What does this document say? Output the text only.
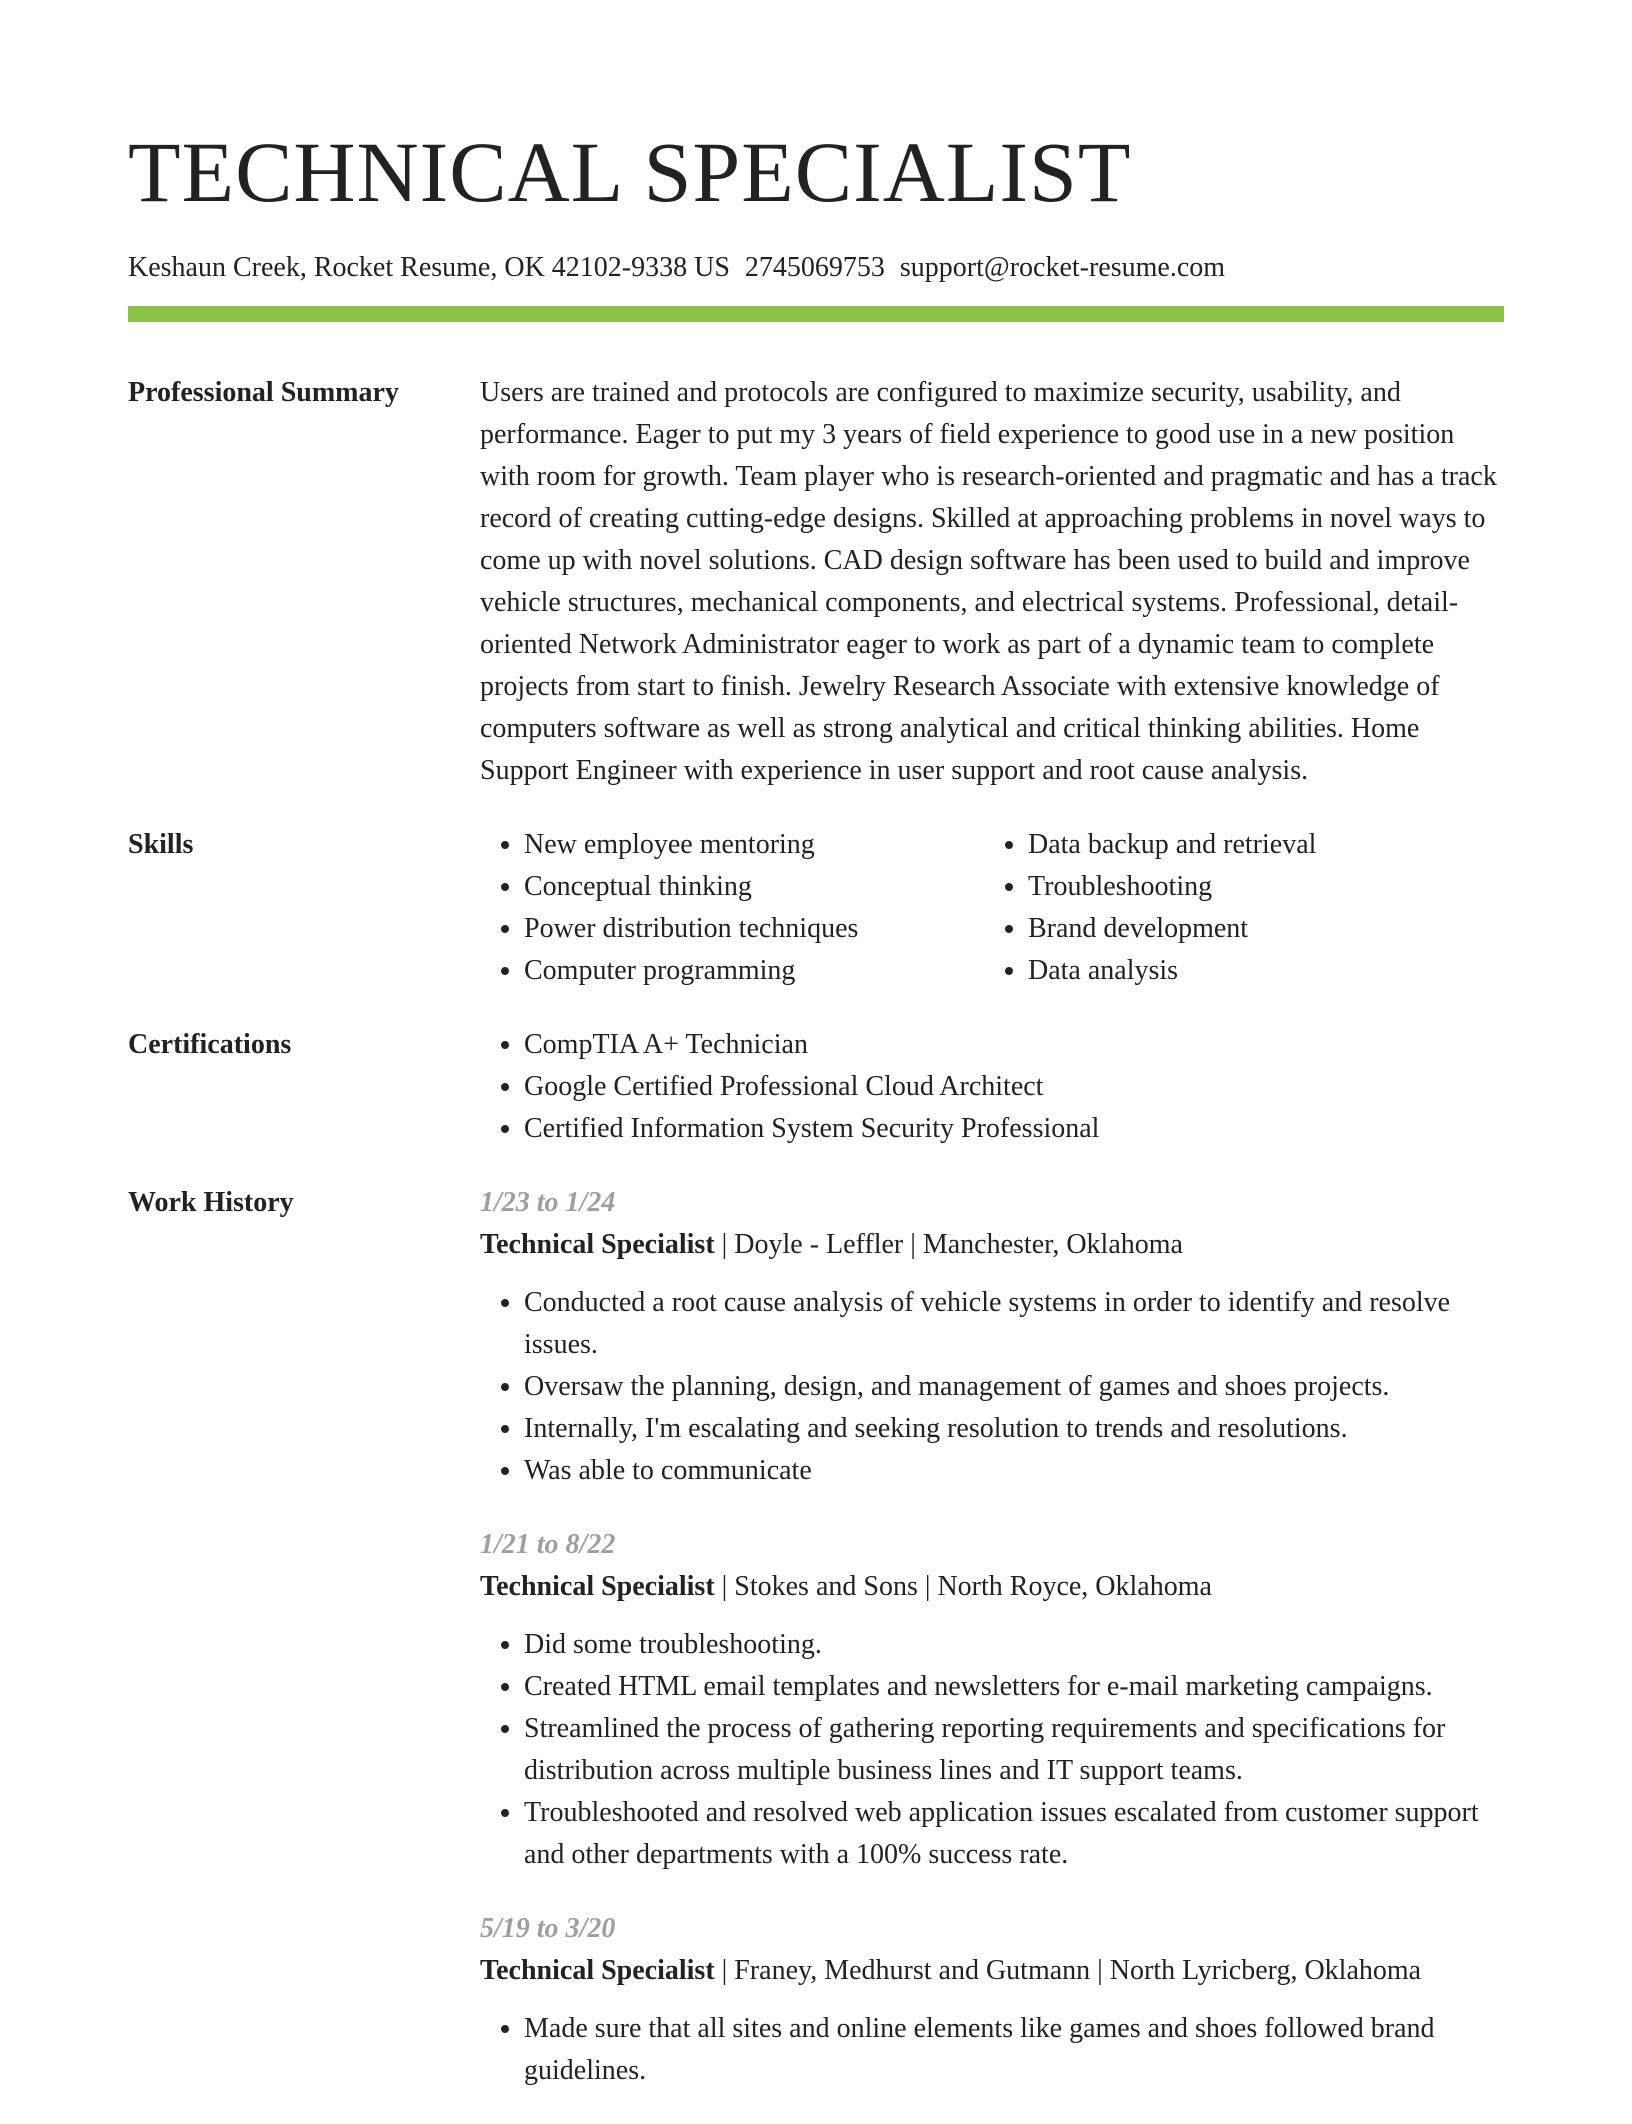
TECHNICAL SPECIALIST
Keshaun Creek, Rocket Resume, OK 42102-9338 US 2745069753 support@rocket-resume.com
Professional Summary	Users are trained and protocols are configured to maximize security, usability, and performance. Eager to put my 3 years of field experience to good use in a new position with room for growth. Team player who is research-oriented and pragmatic and has a track record of creating cutting-edge designs. Skilled at approaching problems in novel ways to come up with novel solutions. CAD design software has been used to build and improve vehicle structures, mechanical components, and electrical systems. Professional, detail-oriented Network Administrator eager to work as part of a dynamic team to complete projects from start to finish. Jewelry Research Associate with extensive knowledge of computers software as well as strong analytical and critical thinking abilities. Home Support Engineer with experience in user support and root cause analysis.

Skills	• New employee mentoring
• Conceptual thinking
• Power distribution techniques
• Computer programming
• Data backup and retrieval
• Troubleshooting
• Brand development
• Data analysis
Certifications	• CompTIA A+ Technician
• Google Certified Professional Cloud Architect
• Certified Information System Security Professional
Work History	1/23 to 1/24
Technical Specialist | Doyle - Leffler | Manchester, Oklahoma
• Conducted a root cause analysis of vehicle systems in order to identify and resolve issues.
• Oversaw the planning, design, and management of games and shoes projects.
• Internally, I'm escalating and seeking resolution to trends and resolutions.
• Was able to communicate
1/21 to 8/22
Technical Specialist | Stokes and Sons | North Royce, Oklahoma
• Did some troubleshooting.
• Created HTML email templates and newsletters for e-mail marketing campaigns.
• Streamlined the process of gathering reporting requirements and specifications for distribution across multiple business lines and IT support teams.
• Troubleshooted and resolved web application issues escalated from customer support and other departments with a 100% success rate.
5/19 to 3/20
Technical Specialist | Franey, Medhurst and Gutmann | North Lyricberg, Oklahoma
• Made sure that all sites and online elements like games and shoes followed brand guidelines.
